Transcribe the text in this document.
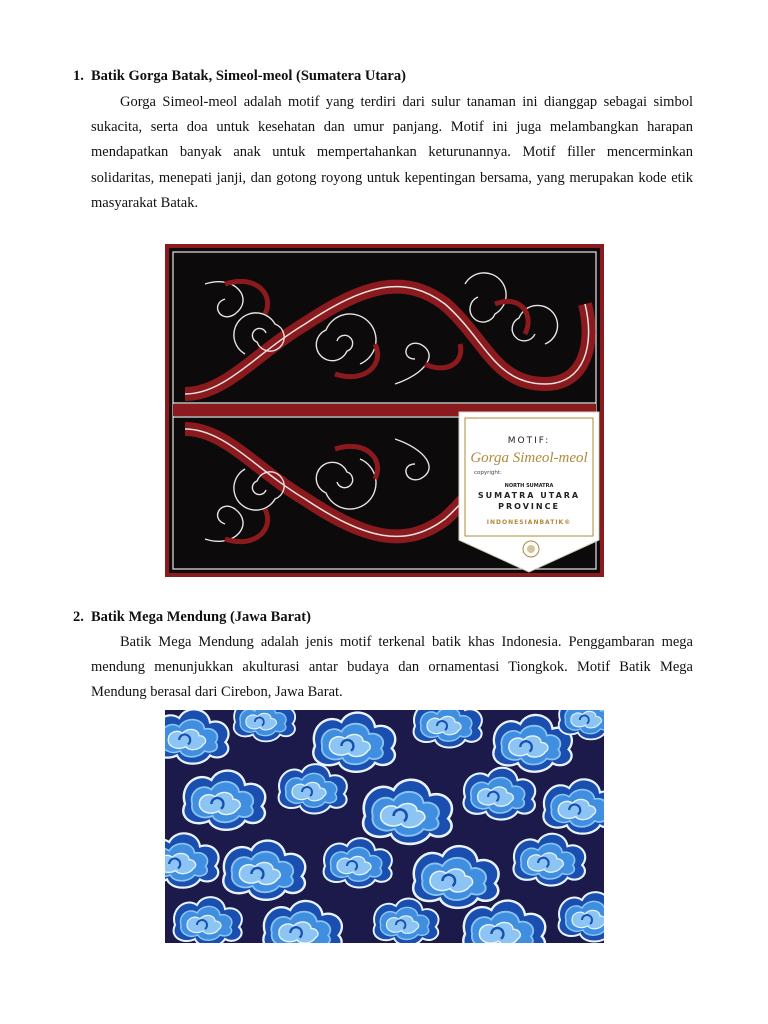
1. Batik Gorga Batak, Simeol-meol (Sumatera Utara)

Gorga Simeol-meol adalah motif yang terdiri dari sulur tanaman ini dianggap sebagai simbol sukacita, serta doa untuk kesehatan dan umur panjang. Motif ini juga melambangkan harapan mendapatkan banyak anak untuk mempertahankan keturunannya. Motif filler mencerminkan solidaritas, menepati janji, dan gotong royong untuk kepentingan bersama, yang merupakan kode etik masyarakat Batak.

MOTIF:
Gorga Simeol-meol
copyright:
NORTH SUMATRA
SUMATRA UTARA
PROVINCE
INDONESIANBATIK®
2. Batik Mega Mendung (Jawa Barat)

Batik Mega Mendung adalah jenis motif terkenal batik khas Indonesia. Penggambaran mega mendung menunjukkan akulturasi antar budaya dan ornamentasi Tiongkok. Motif Batik Mega Mendung berasal dari Cirebon, Jawa Barat.
